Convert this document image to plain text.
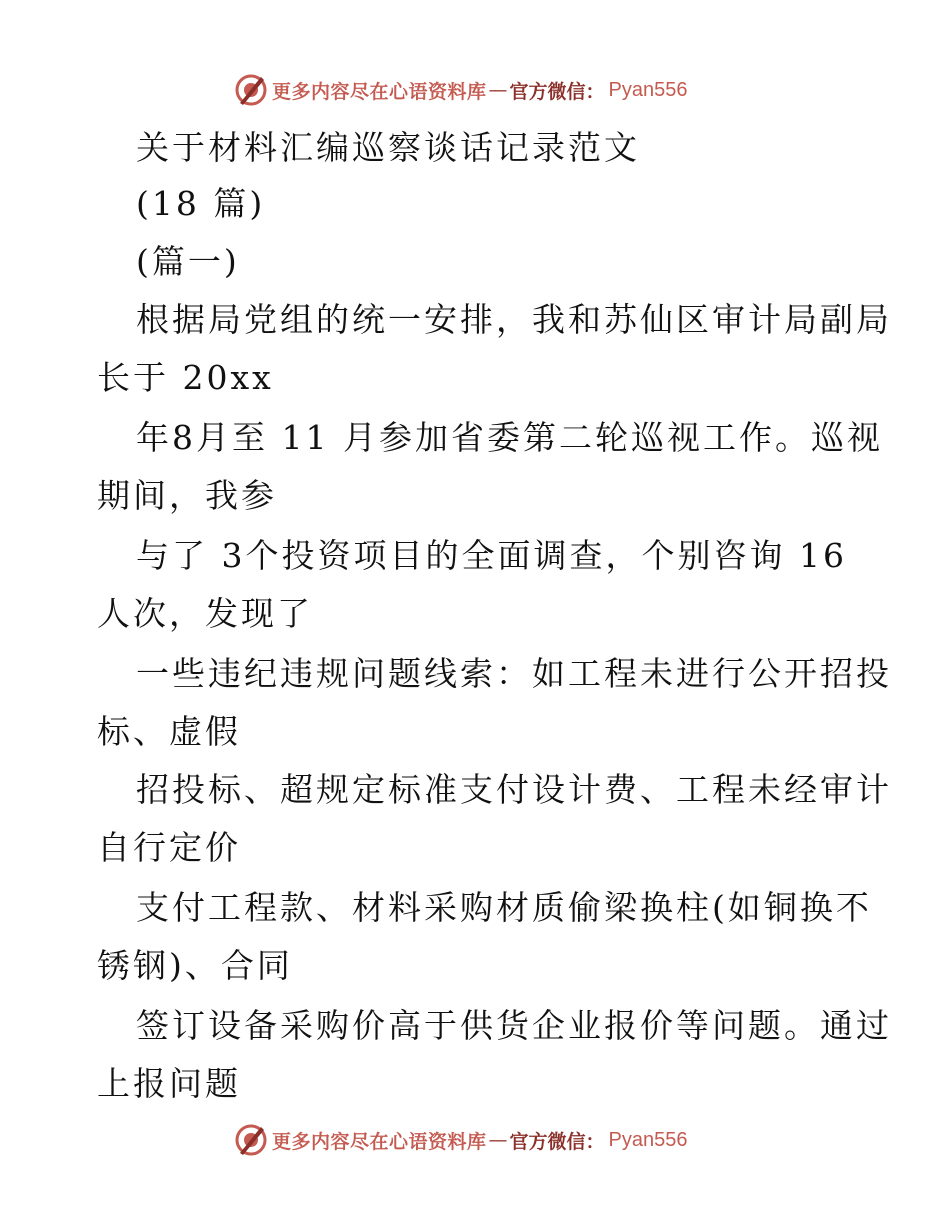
更多内容尽在心语资料库 — 官方微信： Pyan556
关于材料汇编巡察谈话记录范文
(18 篇)
(篇一)
根据局党组的统一安排，我和苏仙区审计局副局
长于 20xx
年8月至 11 月参加省委第二轮巡视工作。巡视
期间，我参
与了 3个投资项目的全面调查，个别咨询 16
人次，发现了
一些违纪违规问题线索：如工程未进行公开招投
标、虚假
招投标、超规定标准支付设计费、工程未经审计
自行定价
支付工程款、材料采购材质偷梁换柱(如铜换不
锈钢)、合同
签订设备采购价高于供货企业报价等问题。通过
上报问题
更多内容尽在心语资料库 — 官方微信： Pyan556
